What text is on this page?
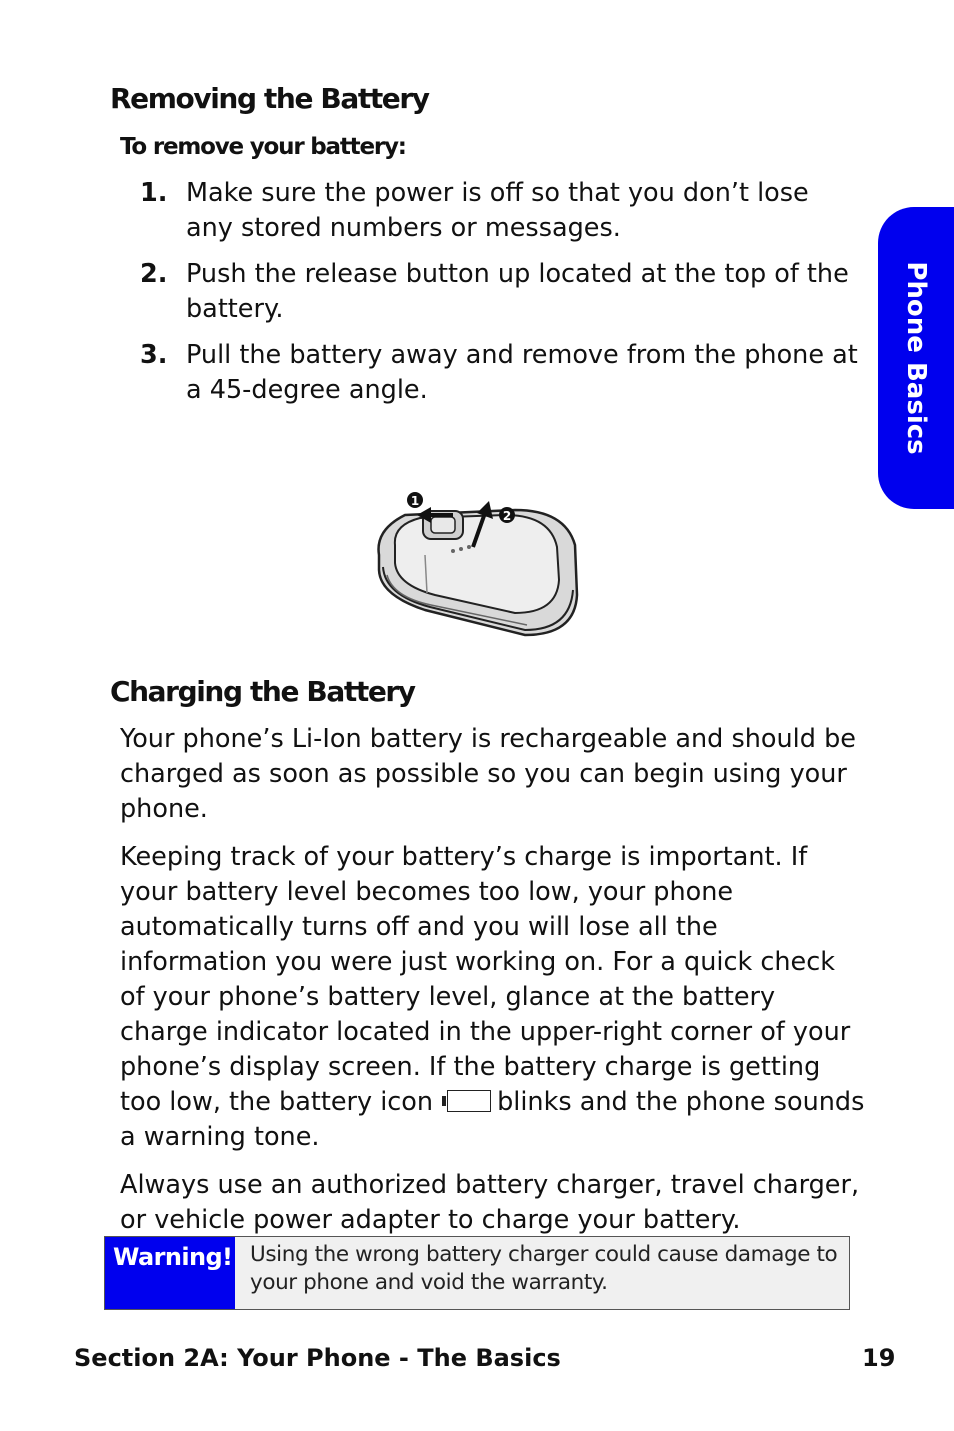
Phone Basics
Removing the Battery
To remove your battery:
1. Make sure the power is off so that you don’t lose any stored numbers or messages.
2. Push the release button up located at the top of the battery.
3. Pull the battery away and remove from the phone at a 45-degree angle.
1
2
Charging the Battery

Your phone’s Li-Ion battery is rechargeable and should be charged as soon as possible so you can begin using your phone.

Keeping track of your battery’s charge is important. If your battery level becomes too low, your phone automatically turns off and you will lose all the information you were just working on. For a quick check of your phone’s battery level, glance at the battery charge indicator located in the upper-right corner of your phone’s display screen. If the battery charge is getting too low, the battery icon	blinks and the phone sounds a warning tone.

Always use an authorized battery charger, travel charger, or vehicle power adapter to charge your battery.

Warning! Using the wrong battery charger could cause damage to your phone and void the warranty.
Section 2A: Your Phone - The Basics	19
